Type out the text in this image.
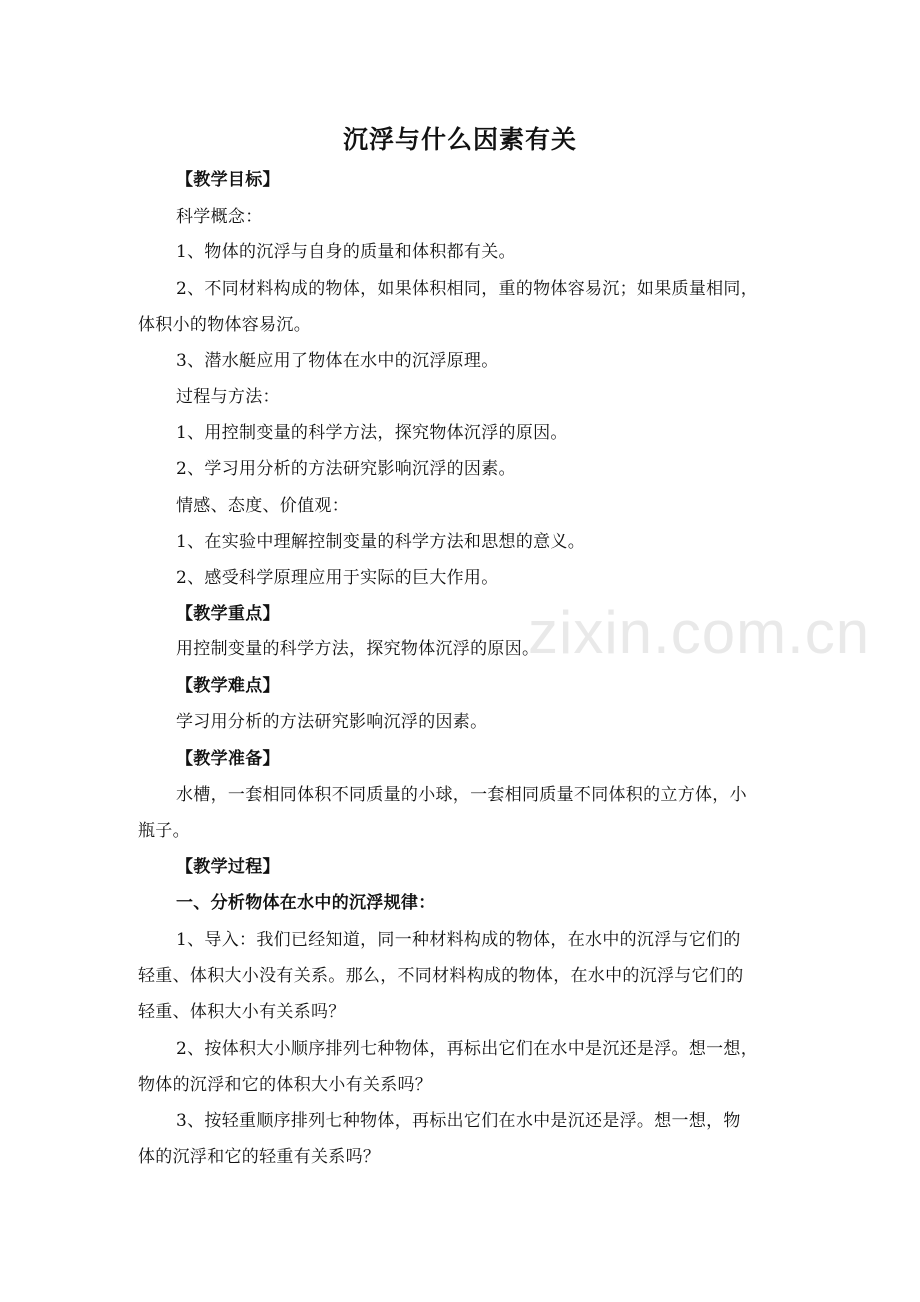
zixin.com.cn
沉浮与什么因素有关
【教学目标】
科学概念：
1、物体的沉浮与自身的质量和体积都有关。
2、不同材料构成的物体，如果体积相同，重的物体容易沉；如果质量相同，
体积小的物体容易沉。
3、潜水艇应用了物体在水中的沉浮原理。
过程与方法：
1、用控制变量的科学方法，探究物体沉浮的原因。
2、学习用分析的方法研究影响沉浮的因素。
情感、态度、价值观：
1、在实验中理解控制变量的科学方法和思想的意义。
2、感受科学原理应用于实际的巨大作用。
【教学重点】
用控制变量的科学方法，探究物体沉浮的原因。
【教学难点】
学习用分析的方法研究影响沉浮的因素。
【教学准备】
水槽，一套相同体积不同质量的小球，一套相同质量不同体积的立方体，小
瓶子。
【教学过程】
一、分析物体在水中的沉浮规律：
1、导入：我们已经知道，同一种材料构成的物体，在水中的沉浮与它们的
轻重、体积大小没有关系。那么，不同材料构成的物体，在水中的沉浮与它们的
轻重、体积大小有关系吗？
2、按体积大小顺序排列七种物体，再标出它们在水中是沉还是浮。想一想，
物体的沉浮和它的体积大小有关系吗？
3、按轻重顺序排列七种物体，再标出它们在水中是沉还是浮。想一想，物
体的沉浮和它的轻重有关系吗？
